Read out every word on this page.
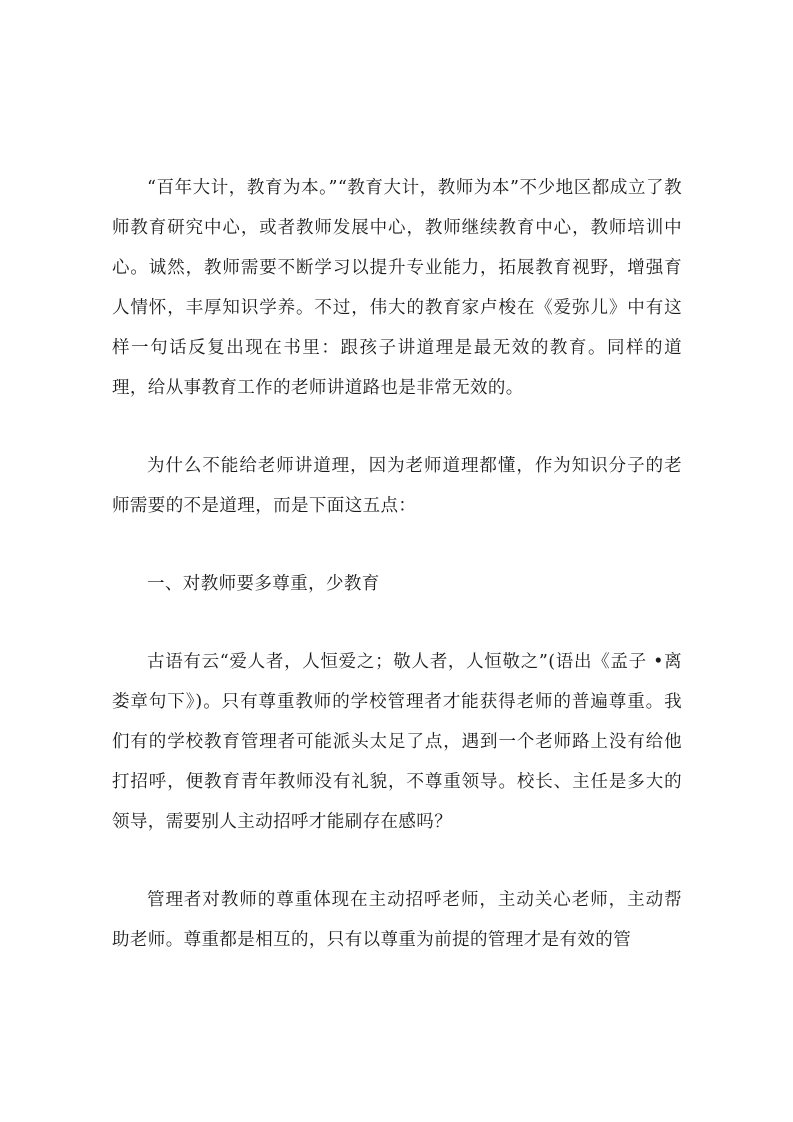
“百年大计，教育为本。”“教育大计，教师为本”不少地区都成立了教师教育研究中心，或者教师发展中心，教师继续教育中心，教师培训中心。诚然，教师需要不断学习以提升专业能力，拓展教育视野，增强育人情怀，丰厚知识学养。不过，伟大的教育家卢梭在《爱弥儿》中有这样一句话反复出现在书里：跟孩子讲道理是最无效的教育。同样的道理，给从事教育工作的老师讲道路也是非常无效的。

为什么不能给老师讲道理，因为老师道理都懂，作为知识分子的老师需要的不是道理，而是下面这五点：

一、对教师要多尊重，少教育

古语有云“爱人者，人恒爱之；敬人者，人恒敬之”(语出《孟子 •离娄章句下》)。只有尊重教师的学校管理者才能获得老师的普遍尊重。我们有的学校教育管理者可能派头太足了点，遇到一个老师路上没有给他打招呼，便教育青年教师没有礼貌，不尊重领导。校长、主任是多大的领导，需要别人主动招呼才能刷存在感吗？

管理者对教师的尊重体现在主动招呼老师，主动关心老师，主动帮助老师。尊重都是相互的，只有以尊重为前提的管理才是有效的管
